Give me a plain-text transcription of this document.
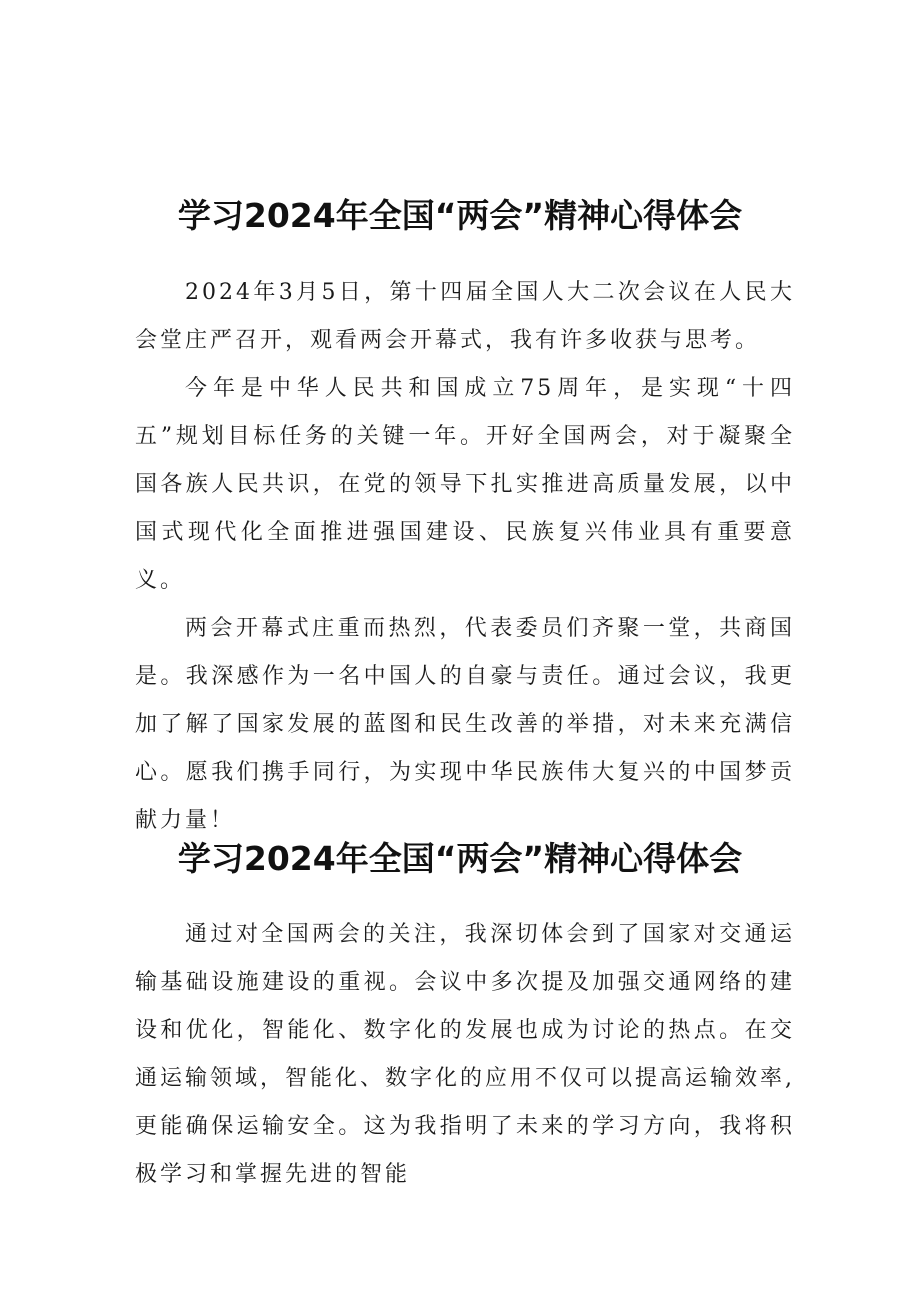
学习2024年全国“两会”精神心得体会

2024年3月5日，第十四届全国人大二次会议在人民大会堂庄严召开，观看两会开幕式，我有许多收获与思考。

今年是中华人民共和国成立75周年，是实现“十四五”规划目标任务的关键一年。开好全国两会，对于凝聚全国各族人民共识，在党的领导下扎实推进高质量发展，以中国式现代化全面推进强国建设、民族复兴伟业具有重要意义。

两会开幕式庄重而热烈，代表委员们齐聚一堂，共商国是。我深感作为一名中国人的自豪与责任。通过会议，我更加了解了国家发展的蓝图和民生改善的举措，对未来充满信心。愿我们携手同行，为实现中华民族伟大复兴的中国梦贡献力量！

学习2024年全国“两会”精神心得体会

通过对全国两会的关注，我深切体会到了国家对交通运输基础设施建设的重视。会议中多次提及加强交通网络的建设和优化，智能化、数字化的发展也成为讨论的热点。在交通运输领域，智能化、数字化的应用不仅可以提高运输效率,更能确保运输安全。这为我指明了未来的学习方向，我将积极学习和掌握先进的智能
